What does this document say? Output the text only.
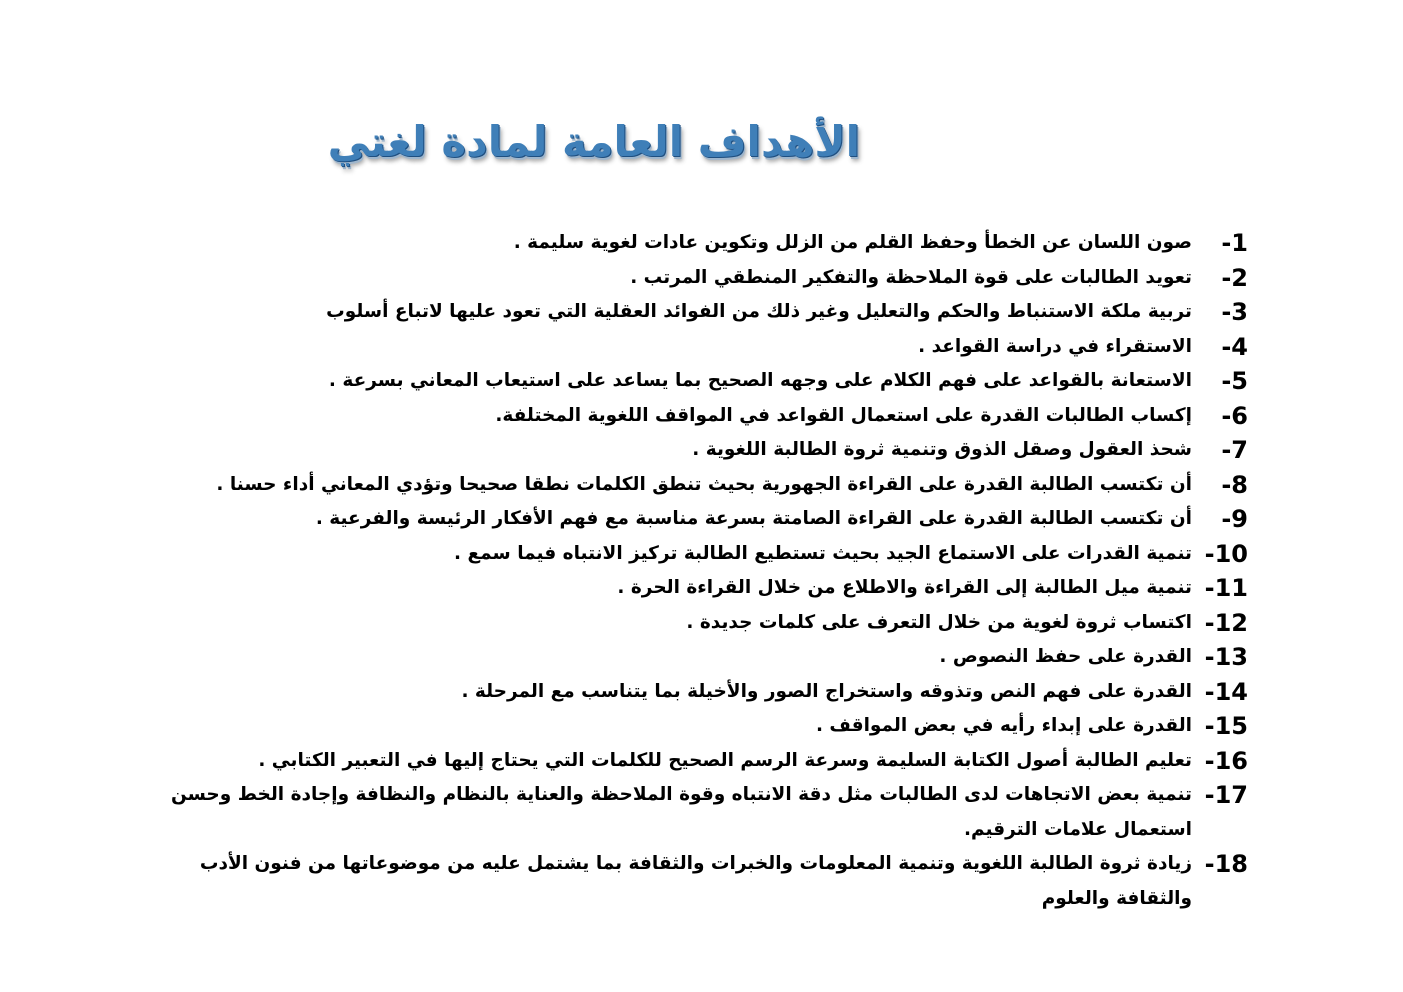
الأهداف العامة لمادة لغتي
-1
صون اللسان عن الخطأ وحفظ القلم من الزلل وتكوين عادات لغوية سليمة .
-2
تعويد الطالبات على قوة الملاحظة والتفكير المنطقي المرتب .
-3
تربية ملكة الاستنباط والحكم والتعليل وغير ذلك من الفوائد العقلية التي تعود عليها لاتباع أسلوب
-4
الاستقراء في دراسة القواعد .
-5
الاستعانة بالقواعد على فهم الكلام على وجهه الصحيح بما يساعد على استيعاب المعاني بسرعة .
-6
إكساب الطالبات القدرة على استعمال القواعد في المواقف اللغوية المختلفة.
-7
شحذ العقول وصقل الذوق وتنمية ثروة الطالبة اللغوية .
-8
أن تكتسب الطالبة القدرة على القراءة الجهورية بحيث تنطق الكلمات نطقا صحيحا وتؤدي المعاني أداء حسنا .
-9
أن تكتسب الطالبة القدرة على القراءة الصامتة بسرعة مناسبة مع فهم الأفكار الرئيسة والفرعية .
-10
تنمية القدرات على الاستماع الجيد بحيث تستطيع الطالبة تركيز الانتباه فيما سمع .
-11
تنمية ميل الطالبة إلى القراءة والاطلاع من خلال القراءة الحرة .
-12
اكتساب ثروة لغوية من خلال التعرف على كلمات جديدة .
-13
القدرة على حفظ النصوص .
-14
القدرة على فهم النص وتذوقه واستخراج الصور والأخيلة بما يتناسب مع المرحلة .
-15
القدرة على إبداء رأيه في بعض المواقف .
-16
تعليم الطالبة أصول الكتابة السليمة وسرعة الرسم الصحيح للكلمات التي يحتاج إليها في التعبير الكتابي .
-17
تنمية بعض الاتجاهات لدى الطالبات مثل دقة الانتباه وقوة الملاحظة والعناية بالنظام والنظافة وإجادة الخط وحسن استعمال علامات الترقيم.
-18
زيادة ثروة الطالبة اللغوية وتنمية المعلومات والخبرات والثقافة بما يشتمل عليه من موضوعاتها من فنون الأدب والثقافة والعلوم
